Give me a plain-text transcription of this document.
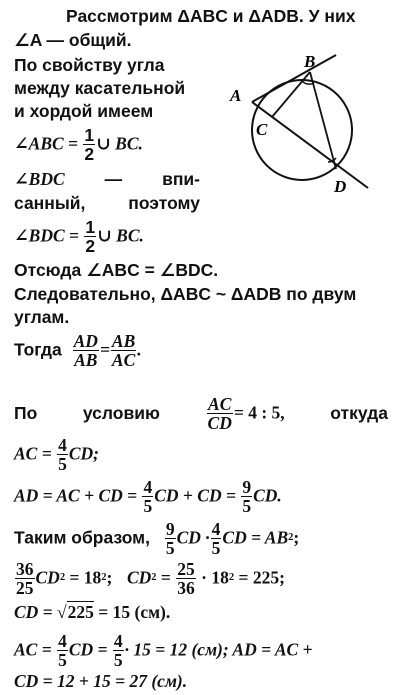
A
B
C
D
Рассмотрим ΔABC и ΔADB. У них
∠A — общий.
По свойству угла
между касательной
и хордой имеем
∠ABC = $\frac{1}{2}$ ∪ BC.
∠BDC — впи-
санный, поэтому
∠BDC = $\frac{1}{2}$ ∪ BC.
Отсюда ∠ABC = ∠BDC.
Следовательно, ΔABC ~ ΔADB по двум
углам.
Тогда $\frac{AD}{AB} = \frac{AB}{AC}$ .
По	условию	$\frac{AC}{CD} = 4$ : 5,	откуда
AC = $\frac{4}{5}$ CD;
AD = AC + CD = $\frac{4}{5}$ CD + CD = $\frac{9}{5}$ CD.
Таким образом, $\frac{9}{5}$ CD · $\frac{4}{5}$ CD = $AB^2$;
$\frac{36}{25} CD^2 = 18^2$; $CD^2 = \frac{25}{36} \cdot 18^2 = 225$;
CD = √225 = 15 (см).
AC = $\frac{4}{5}$ CD = $\frac{4}{5} \cdot 15 = 12$ (см); AD = AC +
CD = 12 + 15 = 27 (см).
